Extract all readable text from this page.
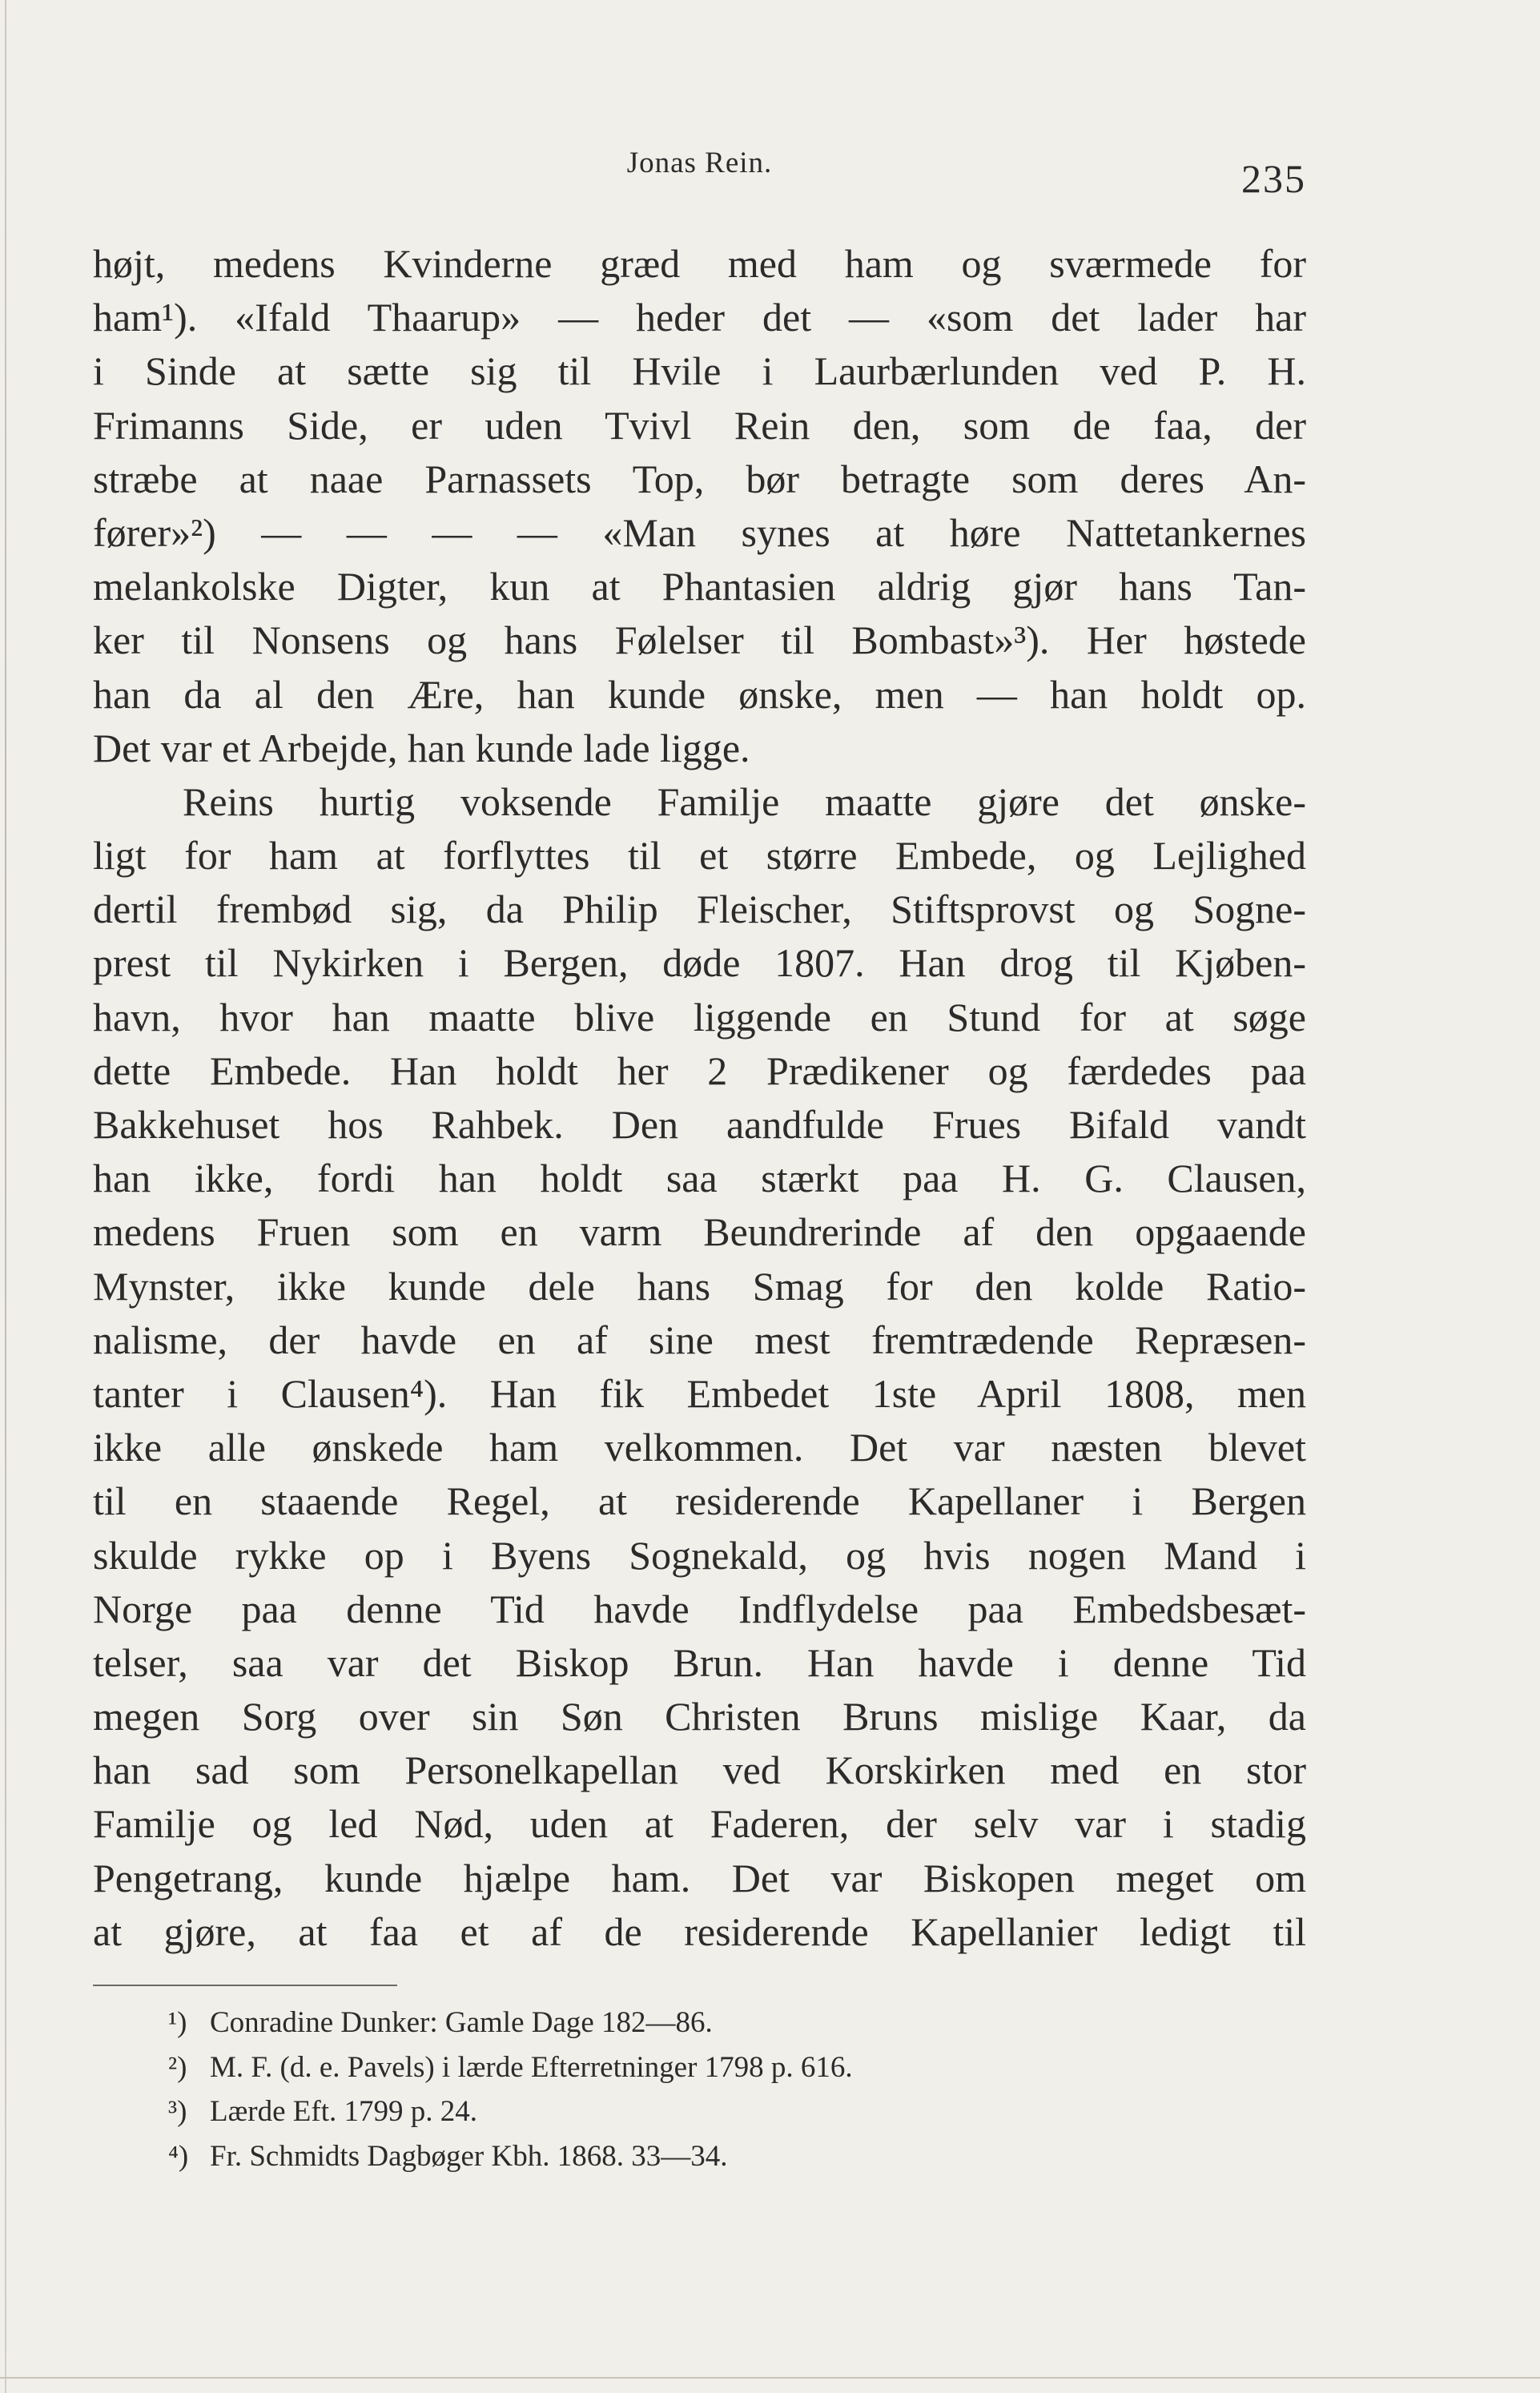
Jonas Rein.	235
højt, medens Kvinderne græd med ham og sværmede for
ham¹). «Ifald Thaarup» — heder det — «som det lader har
i Sinde at sætte sig til Hvile i Laurbærlunden ved P. H.
Frimanns Side, er uden Tvivl Rein den, som de faa, der
stræbe at naae Parnassets Top, bør betragte som deres An-
fører»²) — — — — «Man synes at høre Nattetankernes
melankolske Digter, kun at Phantasien aldrig gjør hans Tan-
ker til Nonsens og hans Følelser til Bombast»³). Her høstede
han da al den Ære, han kunde ønske, men — han holdt op.
Det var et Arbejde, han kunde lade ligge.
Reins hurtig voksende Familje maatte gjøre det ønske-
ligt for ham at forflyttes til et større Embede, og Lejlighed
dertil frembød sig, da Philip Fleischer, Stiftsprovst og Sogne-
prest til Nykirken i Bergen, døde 1807. Han drog til Kjøben-
havn, hvor han maatte blive liggende en Stund for at søge
dette Embede. Han holdt her 2 Prædikener og færdedes paa
Bakkehuset hos Rahbek. Den aandfulde Frues Bifald vandt
han ikke, fordi han holdt saa stærkt paa H. G. Clausen,
medens Fruen som en varm Beundrerinde af den opgaaende
Mynster, ikke kunde dele hans Smag for den kolde Ratio-
nalisme, der havde en af sine mest fremtrædende Repræsen-
tanter i Clausen⁴). Han fik Embedet 1ste April 1808, men
ikke alle ønskede ham velkommen. Det var næsten blevet
til en staaende Regel, at residerende Kapellaner i Bergen
skulde rykke op i Byens Sognekald, og hvis nogen Mand i
Norge paa denne Tid havde Indflydelse paa Embedsbesæt-
telser, saa var det Biskop Brun. Han havde i denne Tid
megen Sorg over sin Søn Christen Bruns mislige Kaar, da
han sad som Personelkapellan ved Korskirken med en stor
Familje og led Nød, uden at Faderen, der selv var i stadig
Pengetrang, kunde hjælpe ham. Det var Biskopen meget om
at gjøre, at faa et af de residerende Kapellanier ledigt til
¹) Conradine Dunker: Gamle Dage 182—86.
²) M. F. (d. e. Pavels) i lærde Efterretninger 1798 p. 616.
³) Lærde Eft. 1799 p. 24.
⁴) Fr. Schmidts Dagbøger Kbh. 1868. 33—34.
